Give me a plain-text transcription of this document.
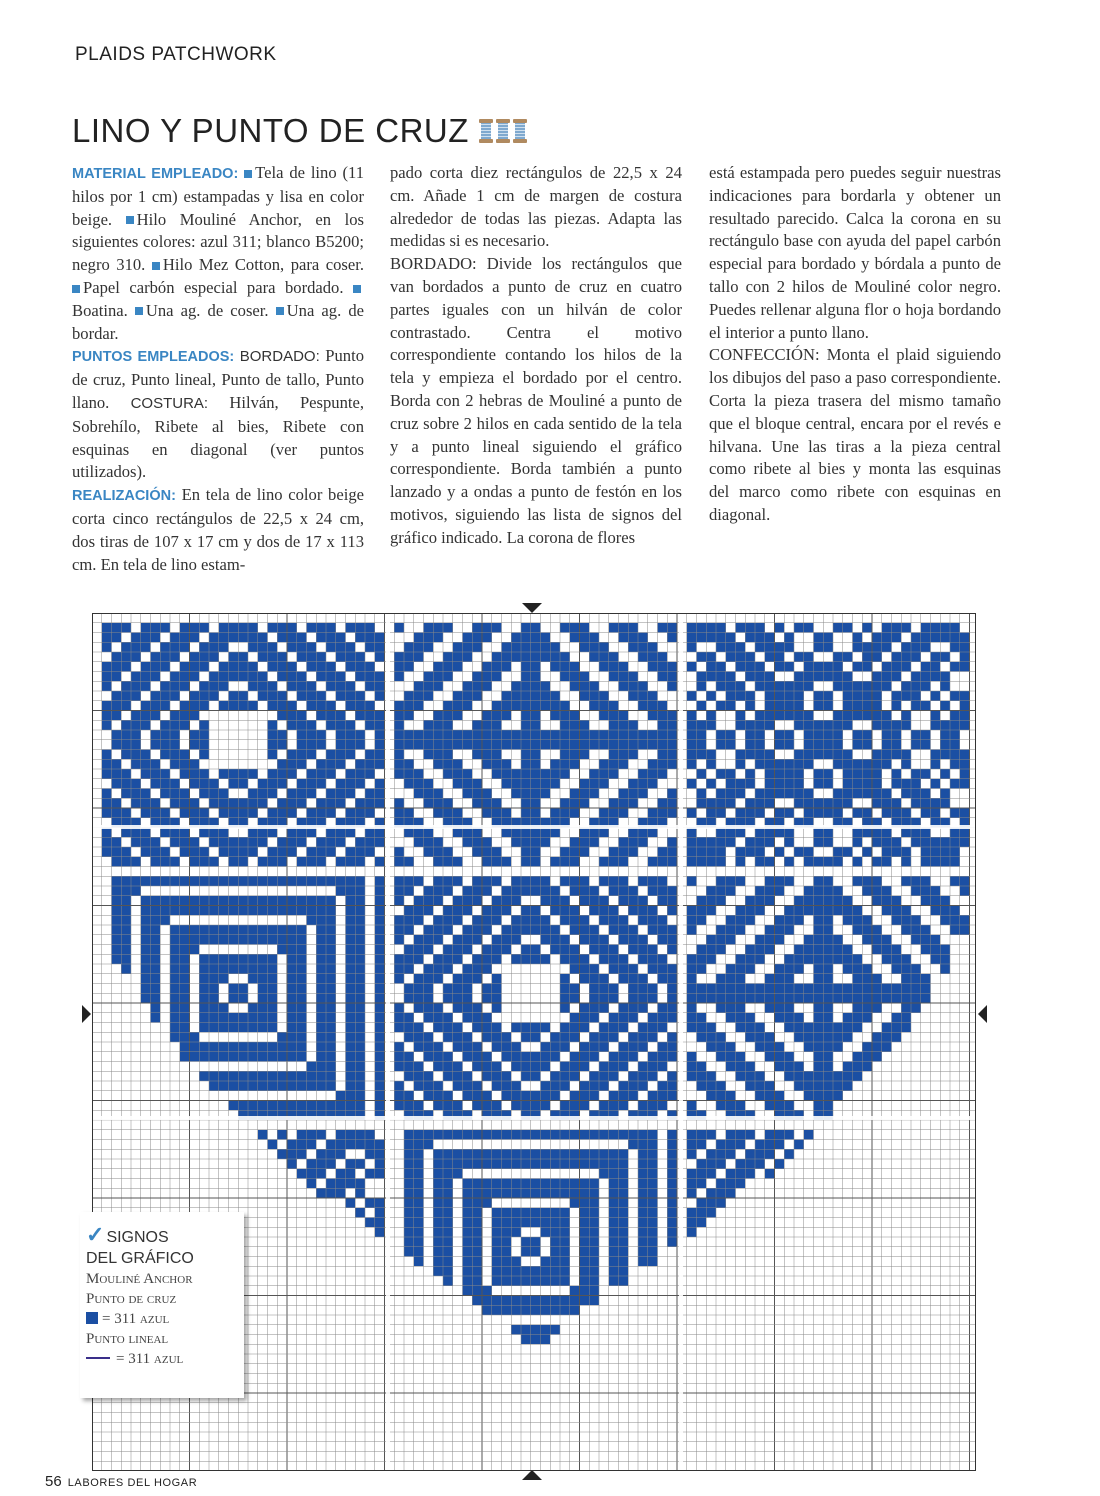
PLAIDS PATCHWORK
LINO Y PUNTO DE CRUZ

MATERIAL EMPLEADO: Tela de lino (11 hilos por 1 cm) estampadas y lisa en color beige. Hilo Mouliné Anchor, en los siguientes colores: azul 311; blanco B5200; negro 310. Hilo Mez Cotton, para coser. Papel carbón especial para bordado. Boatina. Una ag. de coser. Una ag. de bordar.

PUNTOS EMPLEADOS: BORDADO: Punto de cruz, Punto lineal, Punto de tallo, Punto llano. COSTURA: Hilván, Pespunte, Sobrehílo, Ribete al bies, Ribete con esquinas en diagonal (ver puntos utilizados).

REALIZACIÓN: En tela de lino color beige corta cinco rectángulos de 22,5 x 24 cm, dos tiras de 107 x 17 cm y dos de 17 x 113 cm. En tela de lino estam-

pado corta diez rectángulos de 22,5 x 24 cm. Añade 1 cm de margen de costura alrededor de todas las piezas. Adapta las medidas si es necesario.

BORDADO: Divide los rectángulos que van bordados a punto de cruz en cuatro partes iguales con un hilván de color contrastado. Centra el motivo correspondiente contando los hilos de la tela y empieza el bordado por el centro. Borda con 2 hebras de Mouliné a punto de cruz sobre 2 hilos en cada sentido de la tela y a punto lineal siguiendo el gráfico correspondiente. Borda también a punto lanzado y a ondas a punto de festón en los motivos, siguiendo las lista de signos del gráfico indicado. La corona de flores

está estampada pero puedes seguir nuestras indicaciones para bordarla y obtener un resultado parecido. Calca la corona en su rectángulo base con ayuda del papel carbón especial para bordado y bórdala a punto de tallo con 2 hilos de Mouliné color negro. Puedes rellenar alguna flor o hoja bordando el interior a punto llano.

CONFECCIÓN: Monta el plaid siguiendo los dibujos del paso a paso correspondiente. Corta la pieza trasera del mismo tamaño que el bloque central, encara por el revés e hilvana. Une las tiras a la pieza central como ribete al bies y monta las esquinas del marco como ribete con esquinas en diagonal.

✓ SIGNOS
DEL GRÁFICO
Mouliné Anchor
Punto de cruz
= 311 azul
Punto lineal
= 311 azul
56 LABORES DEL HOGAR
